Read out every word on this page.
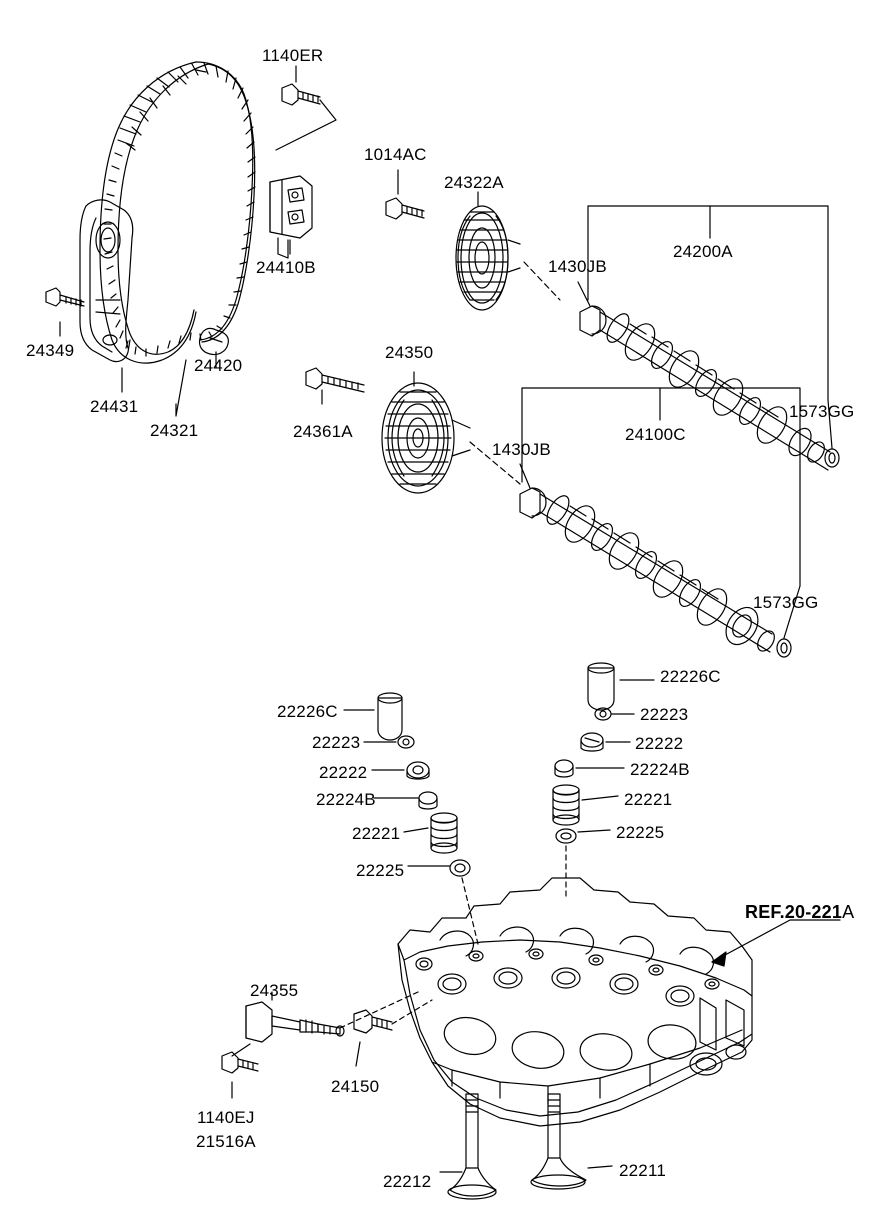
1140ER
1014AC
24322A
24200A
1430JB
24410B
24349
24420
24350
24361A
24431
24321
1573GG
24100C
1430JB
1573GG
22226C
22223
22226C
22222
22223
22224B
22222
22221
22224B
22225
22221
22225
REF.20-221A
24355
24150
1140EJ
21516A
22212
22211
